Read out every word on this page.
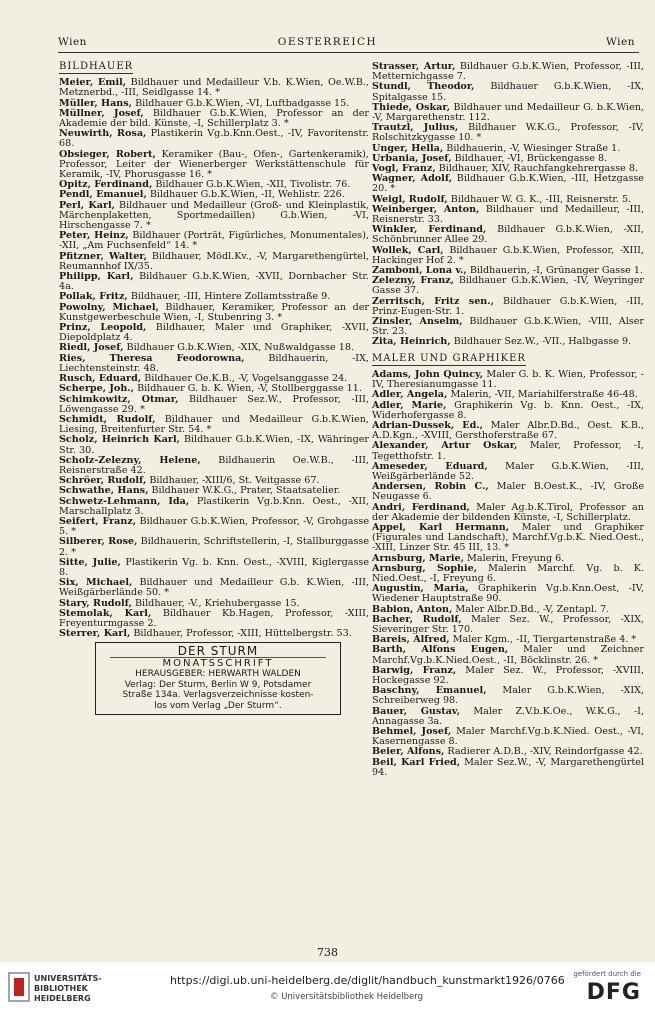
Wien	OESTERREICH	Wien
BILDHAUER

Meier, Emil, Bildhauer und Medailleur V.b. K.Wien, Oe.W.B., Metznerbd., -III, Seidlgasse 14. *

Müller, Hans, Bildhauer G.b.K.Wien, -VI, Luftbadgasse 15.

Müllner, Josef, Bildhauer G.b.K.Wien, Professor an der Akademie der bild. Künste, -I, Schillerplatz 3. *

Neuwirth, Rosa, Plastikerin Vg.b.Knn.Oest., -IV, Favoritenstr. 68.

Obsieger, Robert, Keramiker (Bau-, Ofen-, Gartenkeramik), Professor, Leiter der Wienerberger Werkstättenschule für Keramik, -IV, Phorusgasse 16. *

Opitz, Ferdinand, Bildhauer G.b.K.Wien, -XII, Tivolistr. 76.

Pendl, Emanuel, Bildhauer G.b.K.Wien, -II, Wehlistr. 226.

Perl, Karl, Bildhauer und Medailleur (Groß- und Kleinplastik, Märchenplaketten, Sportmedaillen) G.b.Wien, -VI, Hirschengasse 7. *

Peter, Heinz, Bildhauer (Porträt, Figürliches, Monumentales), -XII, „Am Fuchsenfeld“ 14. *

Pfitzner, Walter, Bildhauer, Mödl.Kv., -V, Margarethengürtel, Reumannhof IX/35.

Philipp, Karl, Bildhauer G.b.K.Wien, -XVII, Dornbacher Str. 4a.

Pollak, Fritz, Bildhauer, -III, Hintere Zollamtsstraße 9.

Powolny, Michael, Bildhauer, Keramiker, Professor an der Kunstgewerbeschule Wien, -I, Stubenring 3. *

Prinz, Leopold, Bildhauer, Maler und Graphiker, -XVII, Diepoldplatz 4.

Riedl, Josef, Bildhauer G.b.K.Wien, -XIX, Nußwaldgasse 18.

Ries, Theresa Feodorowna, Bildhauerin, -IX, Liechtensteinstr. 48.

Rusch, Eduard, Bildhauer Oe.K.B., -V, Vogelsanggasse 24.

Scherpe, Joh., Bildhauer G. b. K. Wien, -V, Stollberggasse 11.

Schimkowitz, Otmar, Bildhauer Sez.W., Professor, -III, Löwengasse 29. *

Schmidt, Rudolf, Bildhauer und Medailleur G.b.K.Wien, Liesing, Breitenfurter Str. 54. *

Scholz, Heinrich Karl, Bildhauer G.b.K.Wien, -IX, Währinger Str. 30.

Scholz-Zelezny, Helene, Bildhauerin Oe.W.B., -III, Reisnerstraße 42.

Schröer, Rudolf, Bildhauer, -XIII/6, St. Veitgasse 67.

Schwathe, Hans, Bildhauer W.K.G., Prater, Staatsatelier.

Schwetz-Lehmann, Ida, Plastikerin Vg.b.Knn. Oest., -XII, Marschallplatz 3.

Seifert, Franz, Bildhauer G.b.K.Wien, Professor, -V, Grohgasse 5. *

Silberer, Rose, Bildhauerin, Schriftstellerin, -I, Stallburggasse 2. *

Sitte, Julie, Plastikerin Vg. b. Knn. Oest., -XVIII, Kiglergasse 8.

Six, Michael, Bildhauer und Medailleur G.b. K.Wien, -III, Weißgärberlände 50. *

Stary, Rudolf, Bildhauer, -V., Kriehubergasse 15.

Stemolak, Karl, Bildhauer Kb.Hagen, Professor, -XIII, Freyenturmgasse 2.

Sterrer, Karl, Bildhauer, Professor, -XIII, Hüttelbergstr. 53.

DER STURM
MONATSSCHRIFT
HERAUSGEBER: HERWARTH WALDEN
Verlag: Der Sturm, Berlin W 9, Potsdamer
Straße 134a. Verlagsverzeichnisse kosten-
los vom Verlag „Der Sturm“.

Strasser, Artur, Bildhauer G.b.K.Wien, Professor, -III, Metternichgasse 7.

Stundl, Theodor, Bildhauer G.b.K.Wien, -IX, Spitalgasse 15.

Thiede, Oskar, Bildhauer und Medailleur G. b.K.Wien, -V, Margarethenstr. 112.

Trautzl, Julius, Bildhauer W.K.G., Professor, -IV, Rolschitzkygasse 10. *

Unger, Hella, Bildhauerin, -V, Wiesinger Straße 1.

Urbania, Josef, Bildhauer, -VI, Brückengasse 8.

Vogl, Franz, Bildhauer, XIV, Rauchfangkehrergasse 8.

Wagner, Adolf, Bildhauer G.b.K.Wien, -III, Hetzgasse 20. *

Weigl, Rudolf, Bildhauer W. G. K., -III, Reisnerstr. 5.

Weinberger, Anton, Bildhauer und Medailleur, -III, Reisnerstr. 33.

Winkler, Ferdinand, Bildhauer G.b.K.Wien, -XII, Schönbrunner Allee 29.

Wollek, Carl, Bildhauer G.b.K.Wien, Professor, -XIII, Hackinger Hof 2. *

Zamboni, Lona v., Bildhauerin, -I, Grünanger Gasse 1.

Zelezny, Franz, Bildhauer G.b.K.Wien, -IV, Weyringer Gasse 37.

Zerritsch, Fritz sen., Bildhauer G.b.K.Wien, -III, Prinz-Eugen-Str. 1.

Zinsler, Anselm, Bildhauer G.b.K.Wien, -VIII, Alser Str. 23.

Zita, Heinrich, Bildhauer Sez.W., -VII., Halbgasse 9.

MALER UND GRAPHIKER

Adams, John Quincy, Maler G. b. K. Wien, Professor, -IV, Theresianumgasse 11.

Adler, Angela, Malerin, -VII, Mariahilferstraße 46-48.

Adler, Marie, Graphikerin Vg. b. Knn. Oest., -IX, Widerhofergasse 8.

Adrian-Dussek, Ed., Maler Albr.D.Bd., Oest. K.B., A.D.Kgn., -XVIII, Gersthoferstraße 67.

Alexander, Artur Oskar, Maler, Professor, -I, Tegetthofstr. 1.

Ameseder, Eduard, Maler G.b.K.Wien, -III, Weißgärberlände 52.

Andersen, Robin C., Maler B.Oest.K., -IV, Große Neugasse 6.

Andri, Ferdinand, Maler Ag.b.K.Tirol, Professor an der Akademie der bildenden Künste, -I, Schillerplatz.

Appel, Karl Hermann, Maler und Graphiker (Figurales und Landschaft), Marchf.Vg.b.K. Nied.Oest., -XIII, Linzer Str. 45 III, 13. *

Arnsburg, Marie, Malerin, Freyung 6.

Arnsburg, Sophie, Malerin Marchf. Vg. b. K. Nied.Oest., -I, Freyung 6.

Augustin, Maria, Graphikerin Vg.b.Knn.Oest, -IV, Wiedener Hauptstraße 90.

Babion, Anton, Maler Albr.D.Bd., -V, Zentapl. 7.

Bacher, Rudolf, Maler Sez. W., Professor, -XIX, Sieveringer Str. 170.

Bareis, Alfred, Maler Kgm., -II, Tiergartenstraße 4. *

Barth, Alfons Eugen, Maler und Zeichner Marchf.Vg.b.K.Nied.Oest., -II, Böcklinstr. 26. *

Barwig, Franz, Maler Sez. W., Professor, -XVIII, Hockegasse 92.

Baschny, Emanuel, Maler G.b.K.Wien, -XIX, Schreiberweg 98.

Bauer, Gustav, Maler Z.V.b.K.Oe., W.K.G., -I, Annagasse 3a.

Behmel, Josef, Maler Marchf.Vg.b.K.Nied. Oest., -VI, Kasernengasse 8.

Beier, Alfons, Radierer A.D.B., -XIV, Reindorfgasse 42.

Beil, Karl Fried, Maler Sez.W., -V, Margarethengürtel 94.

738
UNIVERSITÄTS-
BIBLIOTHEK
HEIDELBERG
https://digi.ub.uni-heidelberg.de/diglit/handbuch_kunstmarkt1926/0766
© Universitätsbibliothek Heidelberg
gefördert durch die
DFG
